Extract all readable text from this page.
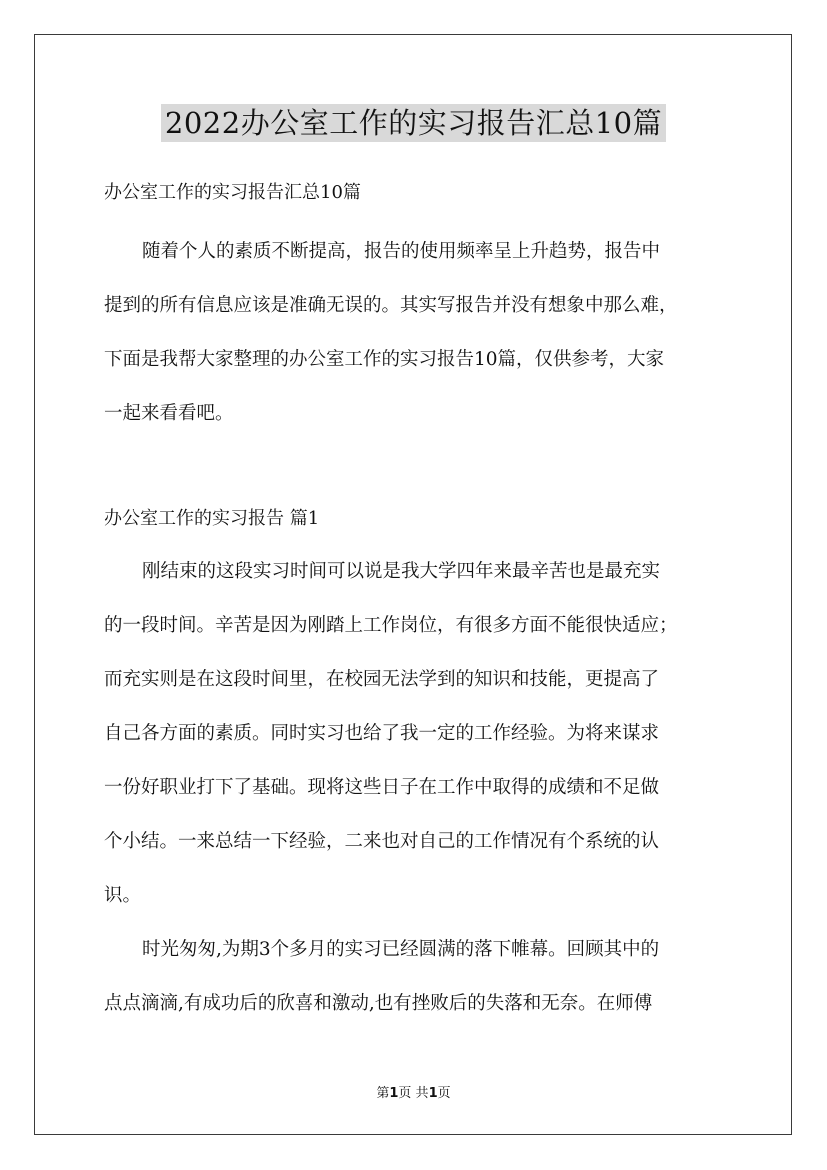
2022办公室工作的实习报告汇总10篇
办公室工作的实习报告汇总10篇
随着个人的素质不断提高，报告的使用频率呈上升趋势，报告中
提到的所有信息应该是准确无误的。其实写报告并没有想象中那么难，
下面是我帮大家整理的办公室工作的实习报告10篇，仅供参考，大家
一起来看看吧。
办公室工作的实习报告 篇1
刚结束的这段实习时间可以说是我大学四年来最辛苦也是最充实
的一段时间。辛苦是因为刚踏上工作岗位，有很多方面不能很快适应；
而充实则是在这段时间里，在校园无法学到的知识和技能，更提高了
自己各方面的素质。同时实习也给了我一定的工作经验。为将来谋求
一份好职业打下了基础。现将这些日子在工作中取得的成绩和不足做
个小结。一来总结一下经验，二来也对自己的工作情况有个系统的认
识。
时光匆匆,为期3个多月的实习已经圆满的落下帷幕。回顾其中的
点点滴滴,有成功后的欣喜和激动,也有挫败后的失落和无奈。在师傅
第1页 共1页
